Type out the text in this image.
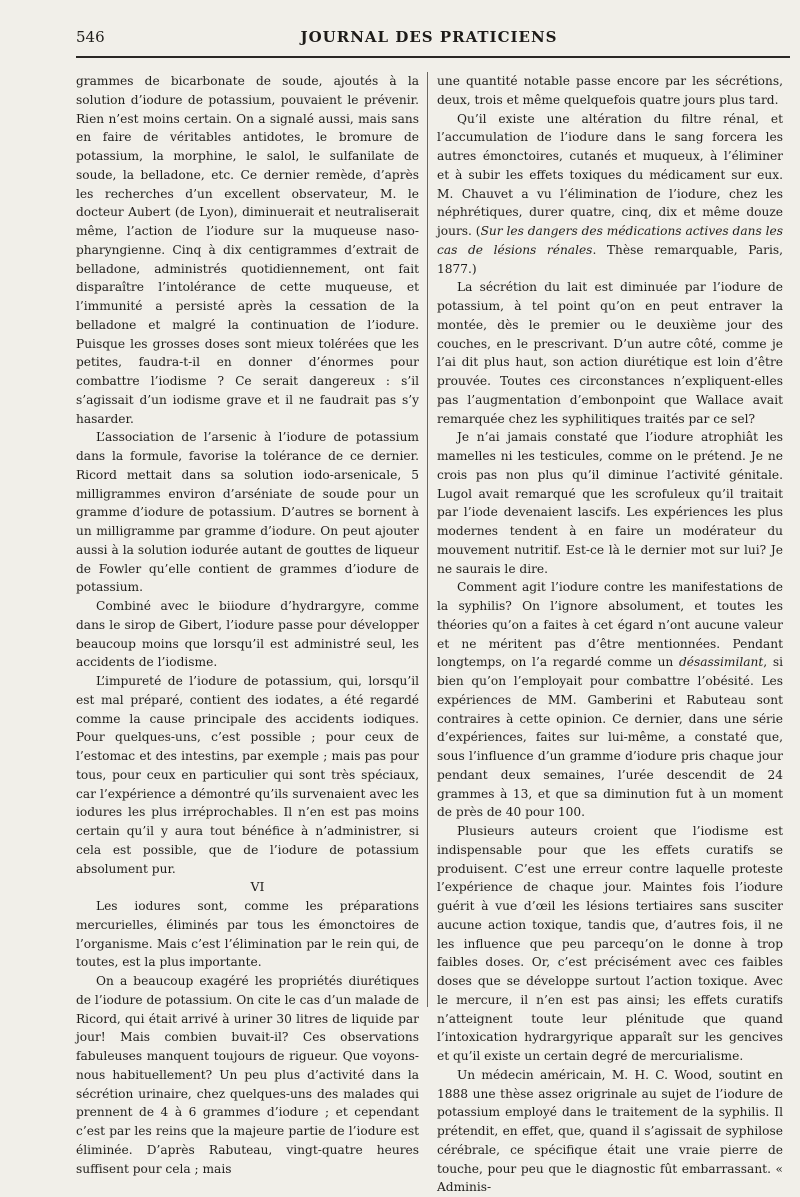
546	JOURNAL DES PRATICIENS

grammes de bicarbonate de soude, ajoutés à la solution d’iodure de potassium, pouvaient le prévenir. Rien n’est moins certain. On a signalé aussi, mais sans en faire de véritables antidotes, le bromure de potassium, la morphine, le salol, le sulfanilate de soude, la belladone, etc. Ce dernier remède, d’après les recherches d’un excellent observateur, M. le docteur Aubert (de Lyon), diminuerait et neutraliserait même, l’action de l’iodure sur la muqueuse naso-pharyngienne. Cinq à dix centigrammes d’extrait de belladone, administrés quotidiennement, ont fait disparaître l’intolérance de cette muqueuse, et l’immunité a persisté après la cessation de la belladone et malgré la continuation de l’iodure. Puisque les grosses doses sont mieux tolérées que les petites, faudra-t-il en donner d’énormes pour combattre l’iodisme ? Ce serait dangereux : s’il s’agissait d’un iodisme grave et il ne faudrait pas s’y hasarder.

L’association de l’arsenic à l’iodure de potassium dans la formule, favorise la tolérance de ce dernier. Ricord mettait dans sa solution iodo-arsenicale, 5 milligrammes environ d’arséniate de soude pour un gramme d’iodure de potassium. D’autres se bornent à un milligramme par gramme d’iodure. On peut ajouter aussi à la solution iodurée autant de gouttes de liqueur de Fowler qu’elle contient de grammes d’iodure de potassium.

Combiné avec le biiodure d’hydrargyre, comme dans le sirop de Gibert, l’iodure passe pour développer beaucoup moins que lorsqu’il est administré seul, les accidents de l’iodisme.

L’impureté de l’iodure de potassium, qui, lorsqu’il est mal préparé, contient des iodates, a été regardé comme la cause principale des accidents iodiques. Pour quelques-uns, c’est possible ; pour ceux de l’estomac et des intestins, par exemple ; mais pas pour tous, pour ceux en particulier qui sont très spéciaux, car l’expérience a démontré qu’ils survenaient avec les iodures les plus irréprochables. Il n’en est pas moins certain qu’il y aura tout bénéfice à n’administrer, si cela est possible, que de l’iodure de potassium absolument pur.

VI

Les iodures sont, comme les préparations mercurielles, éliminés par tous les émonctoires de l’organisme. Mais c’est l’élimination par le rein qui, de toutes, est la plus importante.

On a beaucoup exagéré les propriétés diurétiques de l’iodure de potassium. On cite le cas d’un malade de Ricord, qui était arrivé à uriner 30 litres de liquide par jour! Mais combien buvait-il? Ces observations fabuleuses manquent toujours de rigueur. Que voyons-nous habituellement? Un peu plus d’activité dans la sécrétion urinaire, chez quelques-uns des malades qui prennent de 4 à 6 grammes d’iodure ; et cependant c’est par les reins que la majeure partie de l’iodure est éliminée. D’après Rabuteau, vingt-quatre heures suffisent pour cela ; mais

une quantité notable passe encore par les sécrétions, deux, trois et même quelquefois quatre jours plus tard.

Qu’il existe une altération du filtre rénal, et l’accumulation de l’iodure dans le sang forcera les autres émonctoires, cutanés et muqueux, à l’éliminer et à subir les effets toxiques du médicament sur eux. M. Chauvet a vu l’élimination de l’iodure, chez les néphrétiques, durer quatre, cinq, dix et même douze jours. (Sur les dangers des médications actives dans les cas de lésions rénales. Thèse remarquable, Paris, 1877.)

La sécrétion du lait est diminuée par l’iodure de potassium, à tel point qu’on en peut entraver la montée, dès le premier ou le deuxième jour des couches, en le prescrivant. D’un autre côté, comme je l’ai dit plus haut, son action diurétique est loin d’être prouvée. Toutes ces circonstances n’expliquent-elles pas l’augmentation d’embonpoint que Wallace avait remarquée chez les syphilitiques traités par ce sel?

Je n’ai jamais constaté que l’iodure atrophiât les mamelles ni les testicules, comme on le prétend. Je ne crois pas non plus qu’il diminue l’activité génitale. Lugol avait remarqué que les scrofuleux qu’il traitait par l’iode devenaient lascifs. Les expériences les plus modernes tendent à en faire un modérateur du mouvement nutritif. Est-ce là le dernier mot sur lui? Je ne saurais le dire.

Comment agit l’iodure contre les manifestations de la syphilis? On l’ignore absolument, et toutes les théories qu’on a faites à cet égard n’ont aucune valeur et ne méritent pas d’être mentionnées. Pendant longtemps, on l’a regardé comme un désassimilant, si bien qu’on l’employait pour combattre l’obésité. Les expériences de MM. Gamberini et Rabuteau sont contraires à cette opinion. Ce dernier, dans une série d’expériences, faites sur lui-même, a constaté que, sous l’influence d’un gramme d’iodure pris chaque jour pendant deux semaines, l’urée descendit de 24 grammes à 13, et que sa diminution fut à un moment de près de 40 pour 100.

Plusieurs auteurs croient que l’iodisme est indispensable pour que les effets curatifs se produisent. C’est une erreur contre laquelle proteste l’expérience de chaque jour. Maintes fois l’iodure guérit à vue d’œil les lésions tertiaires sans susciter aucune action toxique, tandis que, d’autres fois, il ne les influence que peu parcequ’on le donne à trop faibles doses. Or, c’est précisément avec ces faibles doses que se développe surtout l’action toxique. Avec le mercure, il n’en est pas ainsi; les effets curatifs n’atteignent toute leur plénitude que quand l’intoxication hydrargyrique apparaît sur les gencives et qu’il existe un certain degré de mercurialisme.

Un médecin américain, M. H. C. Wood, soutint en 1888 une thèse assez origrinale au sujet de l’iodure de potassium employé dans le traitement de la syphilis. Il prétendit, en effet, que, quand il s’agissait de syphilose cérébrale, ce spécifique était une vraie pierre de touche, pour peu que le diagnostic fût embarrassant. « Adminis-
